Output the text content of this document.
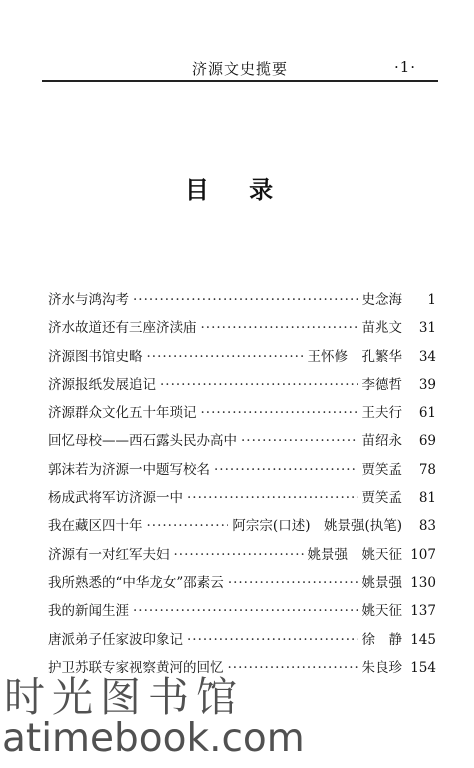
济源文史揽要	·1·
目 录
济水与鸿沟考 ·····	史念海	1
济水故道还有三座济渎庙 ·····	苗兆文	31
济源图书馆史略 ·····	王怀修　孔繁华	34
济源报纸发展追记 ·····	李德哲	39
济源群众文化五十年琐记 ·····	王夫行	61
回忆母校——西石露头民办高中 ·····	苗绍永	69
郭沫若为济源一中题写校名 ·····	贾笑孟	78
杨成武将军访济源一中 ·····	贾笑孟	81
我在藏区四十年 ·····	阿宗宗(口述)　姚景强(执笔)	83
济源有一对红军夫妇 ·····	姚景强　姚天征 107
我所熟悉的“中华龙女”邵素云 ·····	姚景强 130
我的新闻生涯 ·····	姚天征 137
唐派弟子任家波印象记 ·····	徐　静 145
护卫苏联专家视察黄河的回忆 ·····	朱良珍 154
时光图书馆
atimebook.com
